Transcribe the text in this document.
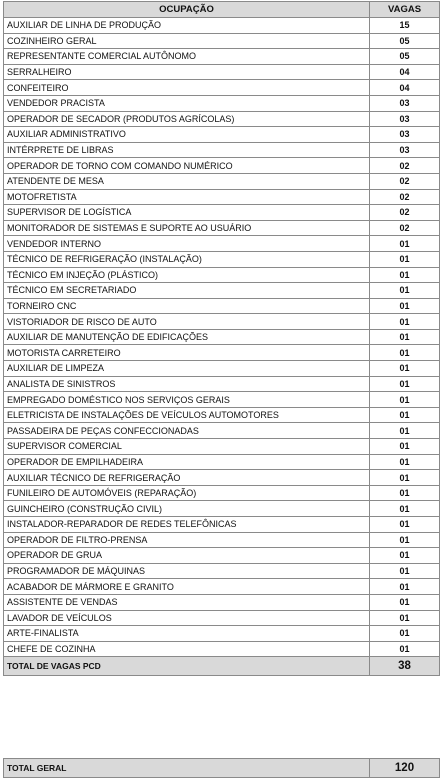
OCUPAÇÃO	VAGAS
AUXILIAR DE LINHA DE PRODUÇÃO	15
COZINHEIRO GERAL	05
REPRESENTANTE COMERCIAL AUTÔNOMO	05
SERRALHEIRO	04
CONFEITEIRO	04
VENDEDOR PRACISTA	03
OPERADOR DE SECADOR (PRODUTOS AGRÍCOLAS)	03
AUXILIAR ADMINISTRATIVO	03
INTÉRPRETE DE LIBRAS	03
OPERADOR DE TORNO COM COMANDO NUMÉRICO	02
ATENDENTE DE MESA	02
MOTOFRETISTA	02
SUPERVISOR DE LOGÍSTICA	02
MONITORADOR DE SISTEMAS E SUPORTE AO USUÁRIO	02
VENDEDOR INTERNO	01
TÉCNICO DE REFRIGERAÇÃO (INSTALAÇÃO)	01
TÉCNICO EM INJEÇÃO (PLÁSTICO)	01
TÉCNICO EM SECRETARIADO	01
TORNEIRO CNC	01
VISTORIADOR DE RISCO DE AUTO	01
AUXILIAR DE MANUTENÇÃO DE EDIFICAÇÕES	01
MOTORISTA CARRETEIRO	01
AUXILIAR DE LIMPEZA	01
ANALISTA DE SINISTROS	01
EMPREGADO DOMÉSTICO NOS SERVIÇOS GERAIS	01
ELETRICISTA DE INSTALAÇÕES DE VEÍCULOS AUTOMOTORES	01
PASSADEIRA DE PEÇAS CONFECCIONADAS	01
SUPERVISOR COMERCIAL	01
OPERADOR DE EMPILHADEIRA	01
AUXILIAR TÉCNICO DE REFRIGERAÇÃO	01
FUNILEIRO DE AUTOMÓVEIS (REPARAÇÃO)	01
GUINCHEIRO (CONSTRUÇÃO CIVIL)	01
INSTALADOR-REPARADOR DE REDES TELEFÔNICAS	01
OPERADOR DE FILTRO-PRENSA	01
OPERADOR DE GRUA	01
PROGRAMADOR DE MÁQUINAS	01
ACABADOR DE MÁRMORE E GRANITO	01
ASSISTENTE DE VENDAS	01
LAVADOR DE VEÍCULOS	01
ARTE-FINALISTA	01
CHEFE DE COZINHA	01
TOTAL DE VAGAS PCD	38
TOTAL GERAL	120
